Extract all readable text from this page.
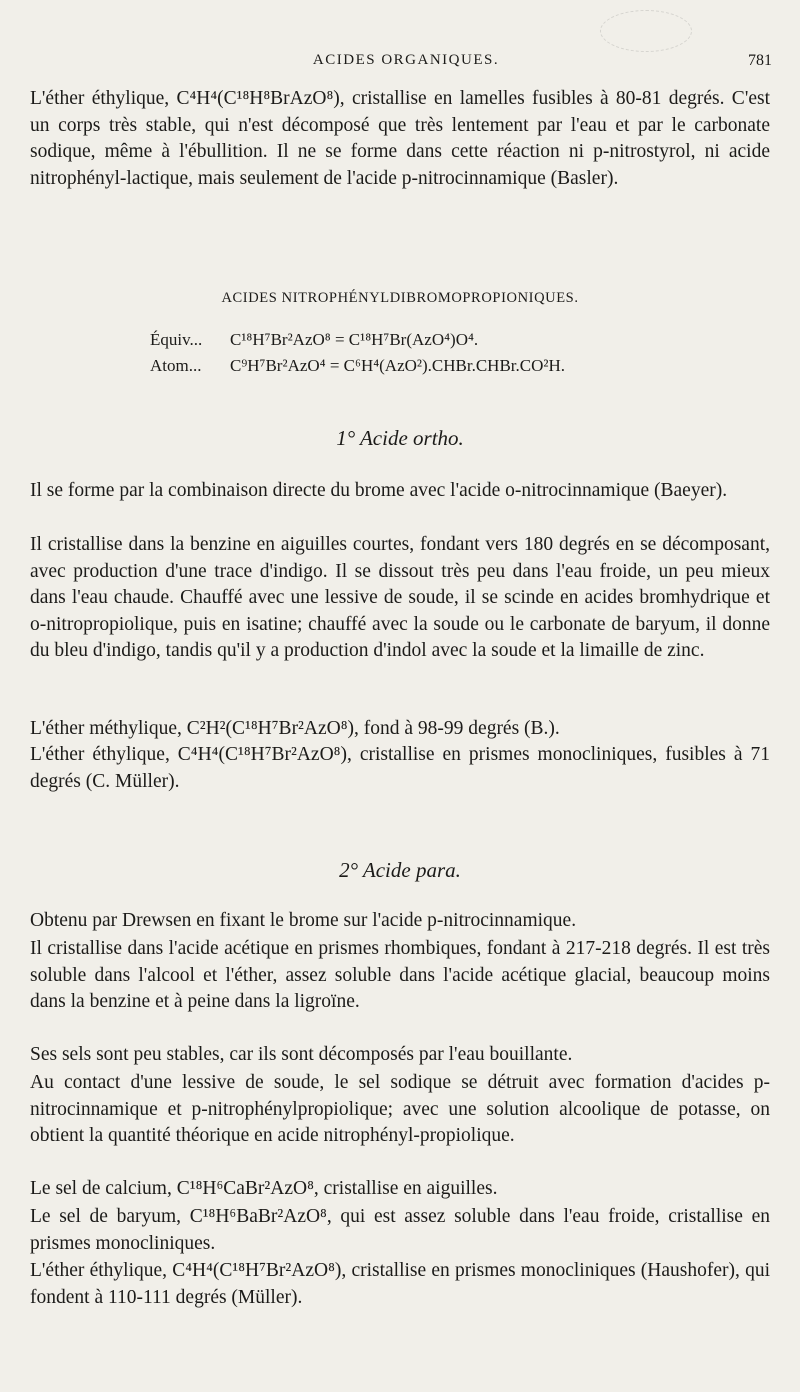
ACIDES ORGANIQUES.	781

L'éther éthylique, C⁴H⁴(C¹⁸H⁸BrAzO⁸), cristallise en lamelles fusibles à 80-81 degrés. C'est un corps très stable, qui n'est décomposé que très lentement par l'eau et par le carbonate sodique, même à l'ébullition. Il ne se forme dans cette réaction ni p-nitrostyrol, ni acide nitrophényl-lactique, mais seulement de l'acide p-nitrocinnamique (Basler).

ACIDES NITROPHÉNYLDIBROMOPROPIONIQUES.

Équiv... C¹⁸H⁷Br²AzO⁸ = C¹⁸H⁷Br(AzO⁴)O⁴.

Atom... C⁹H⁷Br²AzO⁴ = C⁶H⁴(AzO²).CHBr.CHBr.CO²H.

1° Acide ortho.

Il se forme par la combinaison directe du brome avec l'acide o-nitrocinnamique (Baeyer).

Il cristallise dans la benzine en aiguilles courtes, fondant vers 180 degrés en se décomposant, avec production d'une trace d'indigo. Il se dissout très peu dans l'eau froide, un peu mieux dans l'eau chaude. Chauffé avec une lessive de soude, il se scinde en acides bromhydrique et o-nitropropiolique, puis en isatine; chauffé avec la soude ou le carbonate de baryum, il donne du bleu d'indigo, tandis qu'il y a production d'indol avec la soude et la limaille de zinc.

L'éther méthylique, C²H²(C¹⁸H⁷Br²AzO⁸), fond à 98-99 degrés (B.).

L'éther éthylique, C⁴H⁴(C¹⁸H⁷Br²AzO⁸), cristallise en prismes monocliniques, fusibles à 71 degrés (C. Müller).

2° Acide para.

Obtenu par Drewsen en fixant le brome sur l'acide p-nitrocinnamique.

Il cristallise dans l'acide acétique en prismes rhombiques, fondant à 217-218 degrés. Il est très soluble dans l'alcool et l'éther, assez soluble dans l'acide acétique glacial, beaucoup moins dans la benzine et à peine dans la ligroïne.

Ses sels sont peu stables, car ils sont décomposés par l'eau bouillante.

Au contact d'une lessive de soude, le sel sodique se détruit avec formation d'acides p-nitrocinnamique et p-nitrophénylpropiolique; avec une solution alcoolique de potasse, on obtient la quantité théorique en acide nitrophényl-propiolique.

Le sel de calcium, C¹⁸H⁶CaBr²AzO⁸, cristallise en aiguilles.

Le sel de baryum, C¹⁸H⁶BaBr²AzO⁸, qui est assez soluble dans l'eau froide, cristallise en prismes monocliniques.

L'éther éthylique, C⁴H⁴(C¹⁸H⁷Br²AzO⁸), cristallise en prismes monocliniques (Haushofer), qui fondent à 110-111 degrés (Müller).
